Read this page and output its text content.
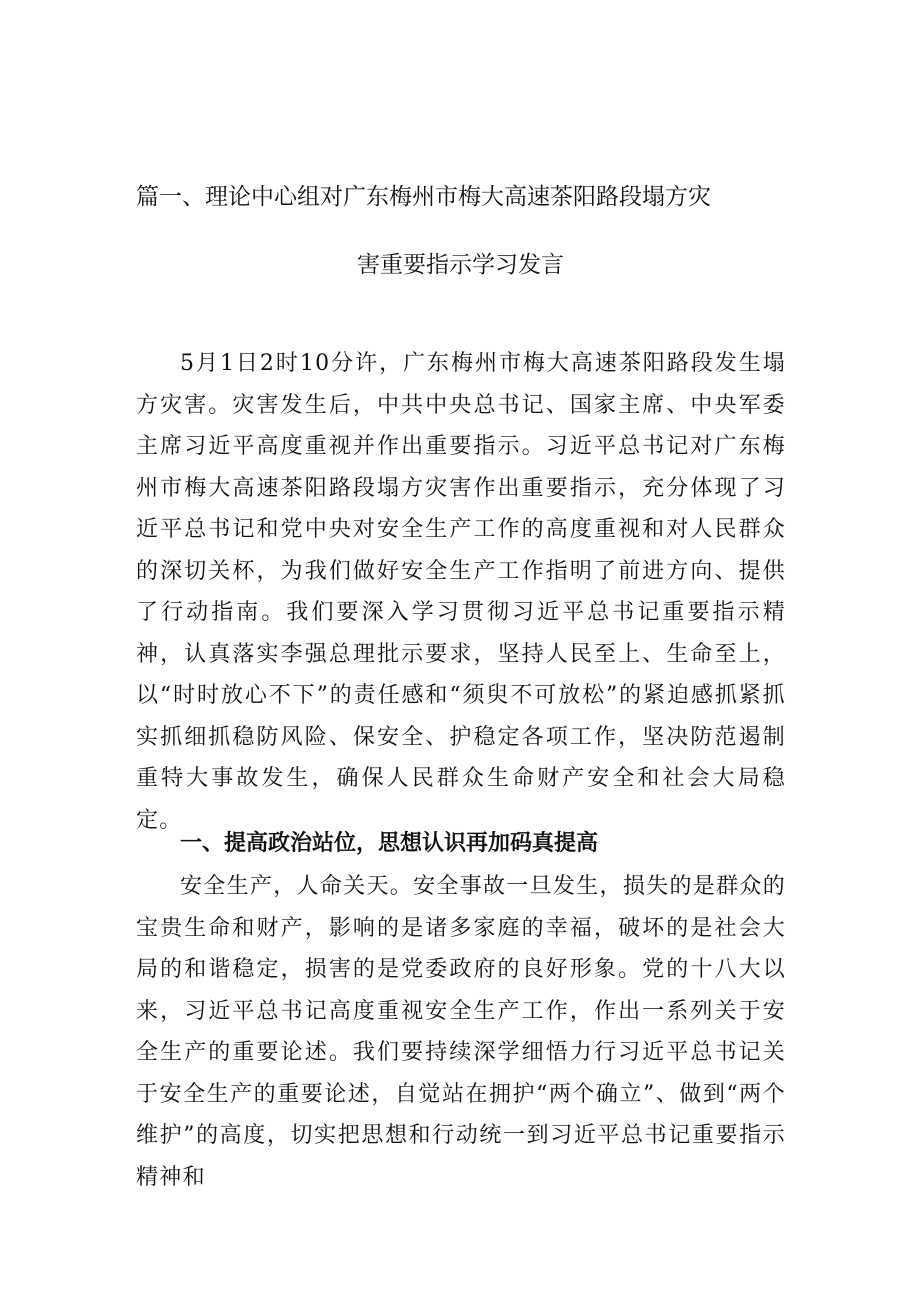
篇一、理论中心组对广东梅州市梅大高速茶阳路段塌方灾
害重要指示学习发言

5月1日2时10分许，广东梅州市梅大高速茶阳路段发生塌方灾害。灾害发生后，中共中央总书记、国家主席、中央军委主席习近平高度重视并作出重要指示。习近平总书记对广东梅州市梅大高速茶阳路段塌方灾害作出重要指示，充分体现了习近平总书记和党中央对安全生产工作的高度重视和对人民群众的深切关杯，为我们做好安全生产工作指明了前进方向、提供了行动指南。我们要深入学习贯彻习近平总书记重要指示精神，认真落实李强总理批示要求，坚持人民至上、生命至上，以“时时放心不下”的责任感和“须臾不可放松”的紧迫感抓紧抓实抓细抓稳防风险、保安全、护稳定各项工作，坚决防范遏制重特大事故发生，确保人民群众生命财产安全和社会大局稳定。

一、提高政治站位，思想认识再加码真提高

安全生产，人命关天。安全事故一旦发生，损失的是群众的宝贵生命和财产，影响的是诸多家庭的幸福，破坏的是社会大局的和谐稳定，损害的是党委政府的良好形象。党的十八大以来，习近平总书记高度重视安全生产工作，作出一系列关于安全生产的重要论述。我们要持续深学细悟力行习近平总书记关于安全生产的重要论述，自觉站在拥护“两个确立”、做到“两个维护”的高度，切实把思想和行动统一到习近平总书记重要指示精神和
